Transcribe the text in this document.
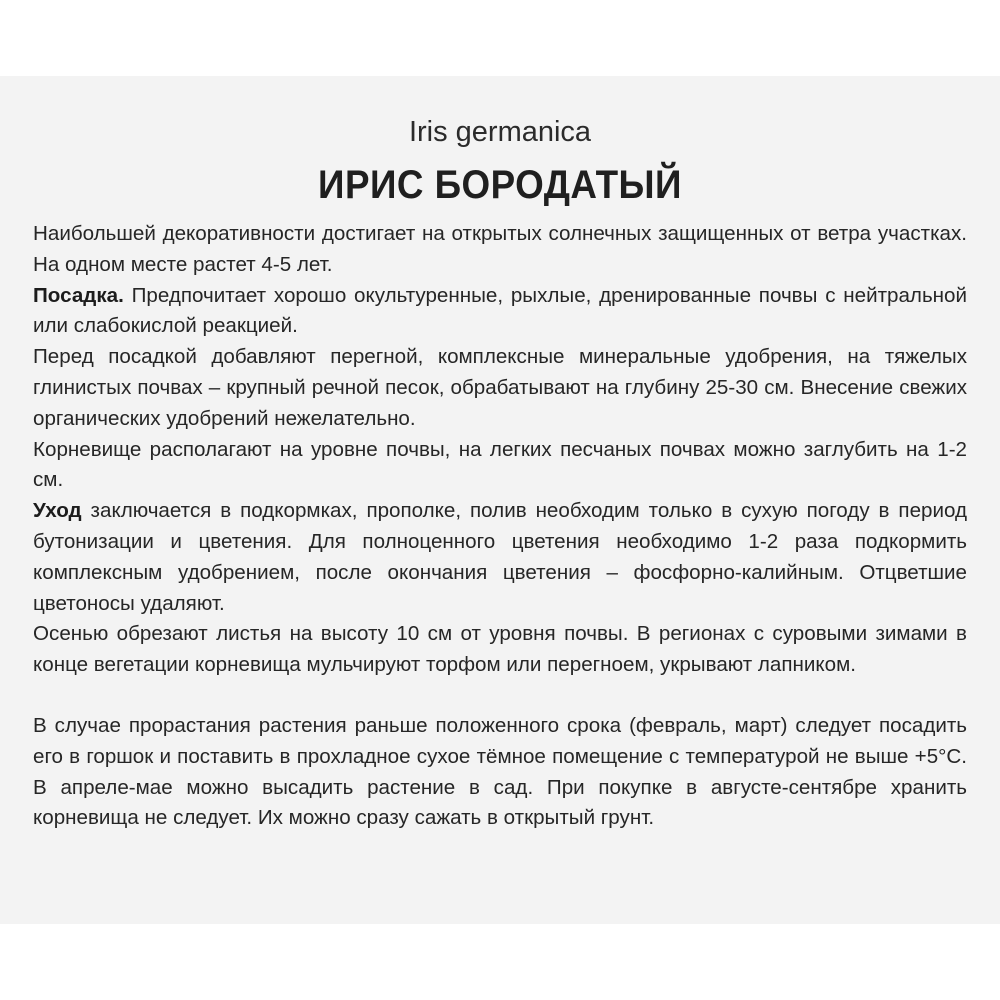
Iris germanica
ИРИС БОРОДАТЫЙ

Наибольшей декоративности достигает на открытых солнечных защищенных от ветра участках. На одном месте растет 4-5 лет.

Посадка. Предпочитает хорошо окультуренные, рыхлые, дренированные почвы с нейтральной или слабокислой реакцией.

Перед посадкой добавляют перегной, комплексные минеральные удобрения, на тяжелых глинистых почвах – крупный речной песок, обрабатывают на глубину 25-30 см. Внесение свежих органических удобрений нежелательно.

Корневище располагают на уровне почвы, на легких песчаных почвах можно заглубить на 1-2 см.

Уход заключается в подкормках, прополке, полив необходим только в сухую погоду в период бутонизации и цветения. Для полноценного цветения необходимо 1-2 раза подкормить комплексным удобрением, после окончания цветения – фосфорно-калийным. Отцветшие цветоносы удаляют.

Осенью обрезают листья на высоту 10 см от уровня почвы. В регионах с суровыми зимами в конце вегетации корневища мульчируют торфом или перегноем, укрывают лапником.

В случае прорастания растения раньше положенного срока (февраль, март) следует посадить его в горшок и поставить в прохладное сухое тёмное помещение с температурой не выше +5°С. В апреле-мае можно высадить растение в сад. При покупке в августе-сентябре хранить корневища не следует. Их можно сразу сажать в открытый грунт.
